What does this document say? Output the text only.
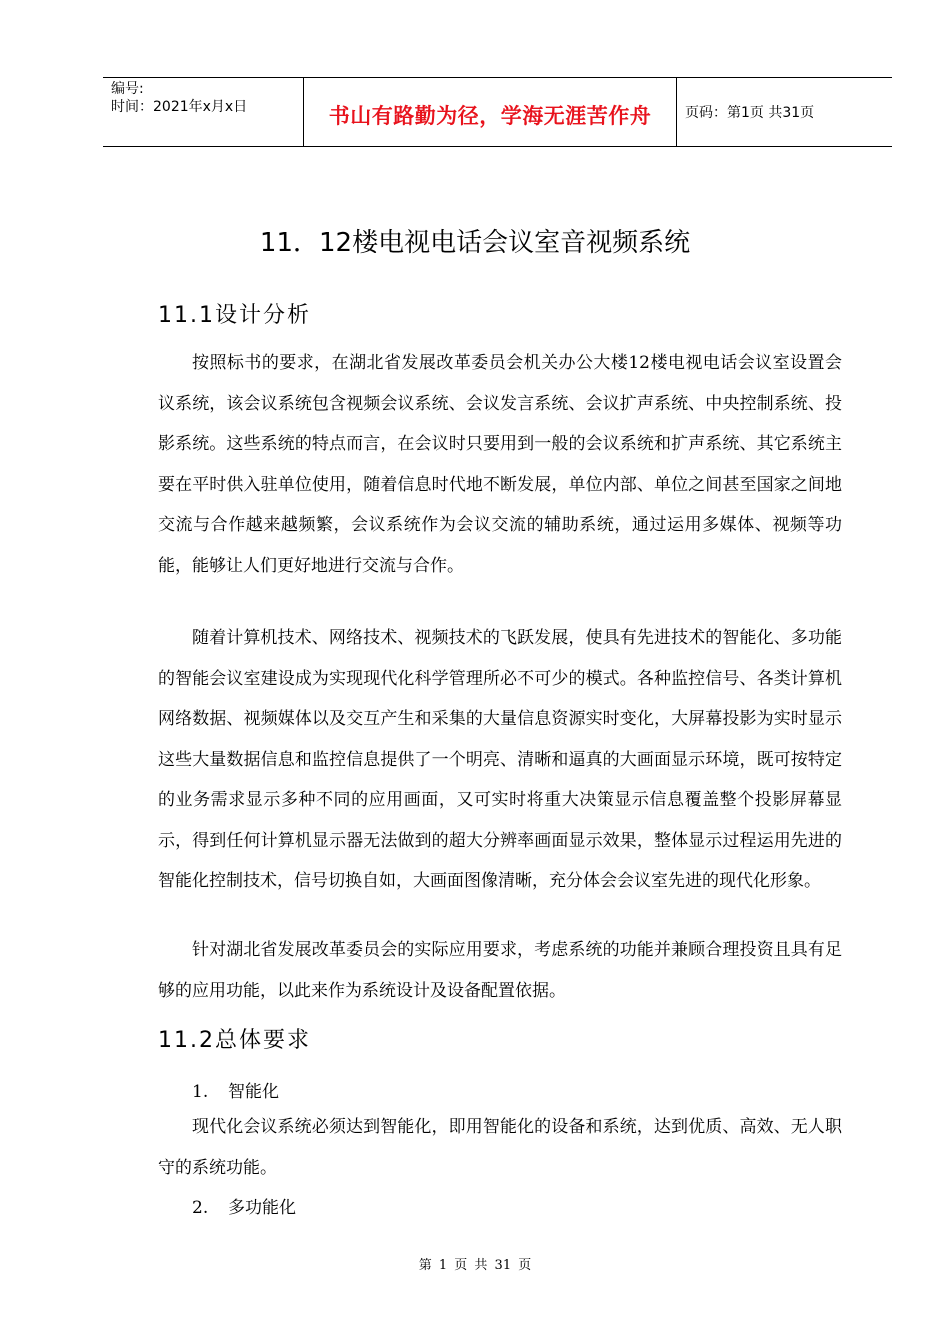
编号:
时间：2021年x月x日	书山有路勤为径，学海无涯苦作舟	页码：第1页 共31页
11．12楼电视电话会议室音视频系统
11.1设计分析
按照标书的要求，在湖北省发展改革委员会机关办公大楼12楼电视电话会议室设置会议系统，该会议系统包含视频会议系统、会议发言系统、会议扩声系统、中央控制系统、投影系统。这些系统的特点而言，在会议时只要用到一般的会议系统和扩声系统、其它系统主要在平时供入驻单位使用，随着信息时代地不断发展，单位内部、单位之间甚至国家之间地交流与合作越来越频繁，会议系统作为会议交流的辅助系统，通过运用多媒体、视频等功能，能够让人们更好地进行交流与合作。
随着计算机技术、网络技术、视频技术的飞跃发展，使具有先进技术的智能化、多功能的智能会议室建设成为实现现代化科学管理所必不可少的模式。各种监控信号、各类计算机网络数据、视频媒体以及交互产生和采集的大量信息资源实时变化，大屏幕投影为实时显示这些大量数据信息和监控信息提供了一个明亮、清晰和逼真的大画面显示环境，既可按特定的业务需求显示多种不同的应用画面，又可实时将重大决策显示信息覆盖整个投影屏幕显示，得到任何计算机显示器无法做到的超大分辨率画面显示效果，整体显示过程运用先进的智能化控制技术，信号切换自如，大画面图像清晰，充分体会会议室先进的现代化形象。
针对湖北省发展改革委员会的实际应用要求，考虑系统的功能并兼顾合理投资且具有足够的应用功能，以此来作为系统设计及设备配置依据。
11.2总体要求
1. 智能化
现代化会议系统必须达到智能化，即用智能化的设备和系统，达到优质、高效、无人职守的系统功能。
2. 多功能化
第 1 页 共 31 页
